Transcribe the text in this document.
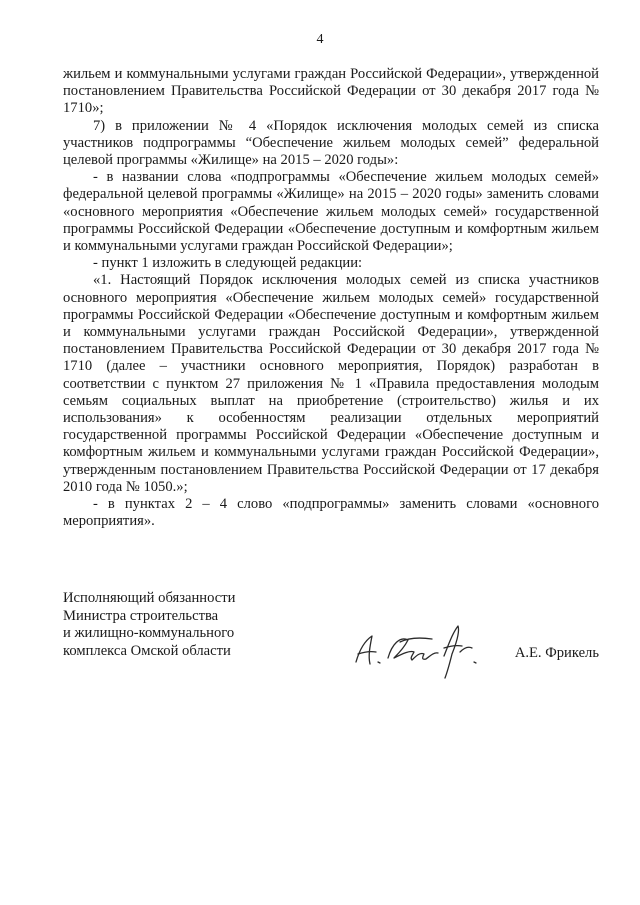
4

жильем и коммунальными услугами граждан Российской Федерации», утвержденной постановлением Правительства Российской Федерации от 30 декабря 2017 года № 1710»;

7) в приложении № 4 «Порядок исключения молодых семей из списка участников подпрограммы “Обеспечение жильем молодых семей” федеральной целевой программы «Жилище» на 2015 – 2020 годы»:

- в названии слова «подпрограммы «Обеспечение жильем молодых семей» федеральной целевой программы «Жилище» на 2015 – 2020 годы» заменить словами «основного мероприятия «Обеспечение жильем молодых семей» государственной программы Российской Федерации «Обеспечение доступным и комфортным жильем и коммунальными услугами граждан Российской Федерации»;

- пункт 1 изложить в следующей редакции:

«1. Настоящий Порядок исключения молодых семей из списка участников основного мероприятия «Обеспечение жильем молодых семей» государственной программы Российской Федерации «Обеспечение доступным и комфортным жильем и коммунальными услугами граждан Российской Федерации», утвержденной постановлением Правительства Российской Федерации от 30 декабря 2017 года № 1710 (далее – участники основного мероприятия, Порядок) разработан в соответствии с пунктом 27 приложения № 1 «Правила предоставления молодым семьям социальных выплат на приобретение (строительство) жилья и их использования» к особенностям реализации отдельных мероприятий государственной программы Российской Федерации «Обеспечение доступным и комфортным жильем и коммунальными услугами граждан Российской Федерации», утвержденным постановлением Правительства Российской Федерации от 17 декабря 2010 года № 1050.»;

- в пунктах 2 – 4 слово «подпрограммы» заменить словами «основного мероприятия».

Исполняющий обязанности
Министра строительства
и жилищно-коммунального
комплекса Омской области	А.Е. Фрикель
